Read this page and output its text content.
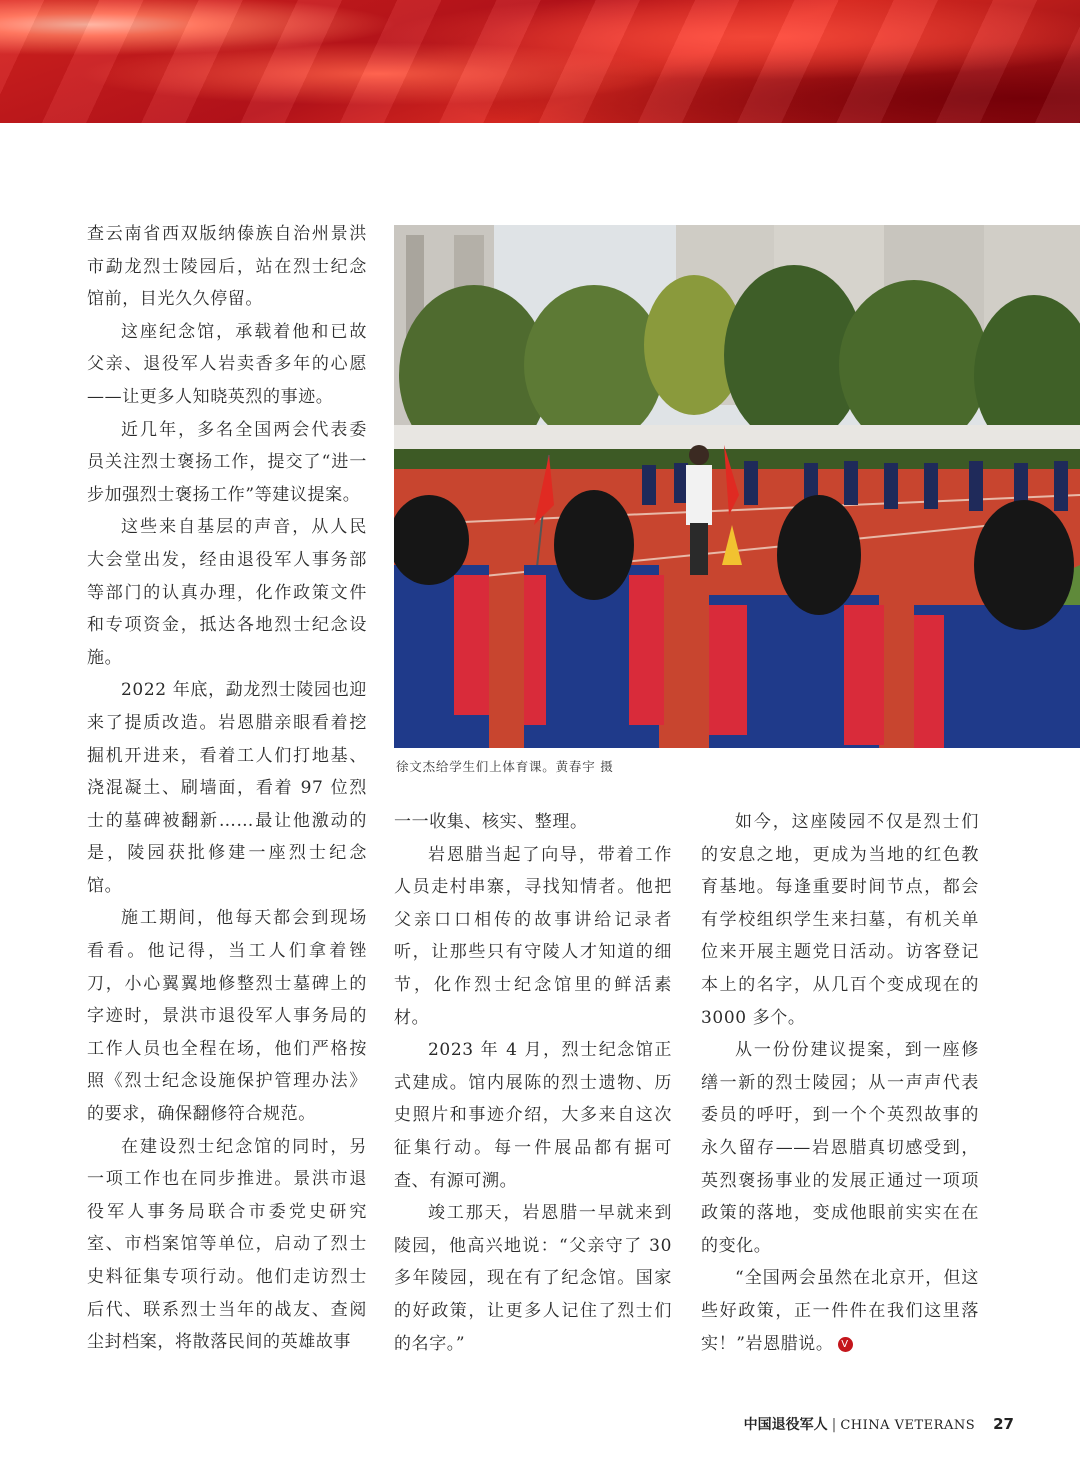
查云南省西双版纳傣族自治州景洪市勐龙烈士陵园后，站在烈士纪念馆前，目光久久停留。

这座纪念馆，承载着他和已故父亲、退役军人岩卖香多年的心愿——让更多人知晓英烈的事迹。

近几年，多名全国两会代表委员关注烈士褒扬工作，提交了“进一步加强烈士褒扬工作”等建议提案。

这些来自基层的声音，从人民大会堂出发，经由退役军人事务部等部门的认真办理，化作政策文件和专项资金，抵达各地烈士纪念设施。

2022 年底，勐龙烈士陵园也迎来了提质改造。岩恩腊亲眼看着挖掘机开进来，看着工人们打地基、浇混凝土、刷墙面，看着 97 位烈士的墓碑被翻新……最让他激动的是，陵园获批修建一座烈士纪念馆。

施工期间，他每天都会到现场看看。他记得，当工人们拿着锉刀，小心翼翼地修整烈士墓碑上的字迹时，景洪市退役军人事务局的工作人员也全程在场，他们严格按照《烈士纪念设施保护管理办法》的要求，确保翻修符合规范。

在建设烈士纪念馆的同时，另一项工作也在同步推进。景洪市退役军人事务局联合市委党史研究室、市档案馆等单位，启动了烈士史料征集专项行动。他们走访烈士后代、联系烈士当年的战友、查阅尘封档案，将散落民间的英雄故事

徐文杰给学生们上体育课。黄春宇 摄

一一收集、核实、整理。

岩恩腊当起了向导，带着工作人员走村串寨，寻找知情者。他把父亲口口相传的故事讲给记录者听，让那些只有守陵人才知道的细节，化作烈士纪念馆里的鲜活素材。

2023 年 4 月，烈士纪念馆正式建成。馆内展陈的烈士遗物、历史照片和事迹介绍，大多来自这次征集行动。每一件展品都有据可查、有源可溯。

竣工那天，岩恩腊一早就来到陵园，他高兴地说：“父亲守了 30 多年陵园，现在有了纪念馆。国家的好政策，让更多人记住了烈士们的名字。”

如今，这座陵园不仅是烈士们的安息之地，更成为当地的红色教育基地。每逢重要时间节点，都会有学校组织学生来扫墓，有机关单位来开展主题党日活动。访客登记本上的名字，从几百个变成现在的 3000 多个。

从一份份建议提案，到一座修缮一新的烈士陵园；从一声声代表委员的呼吁，到一个个英烈故事的永久留存——岩恩腊真切感受到，英烈褒扬事业的发展正通过一项项政策的落地，变成他眼前实实在在的变化。

“全国两会虽然在北京开，但这些好政策，正一件件在我们这里落实！”岩恩腊说。 V

中国退役军人 | CHINA VETERANS 27
